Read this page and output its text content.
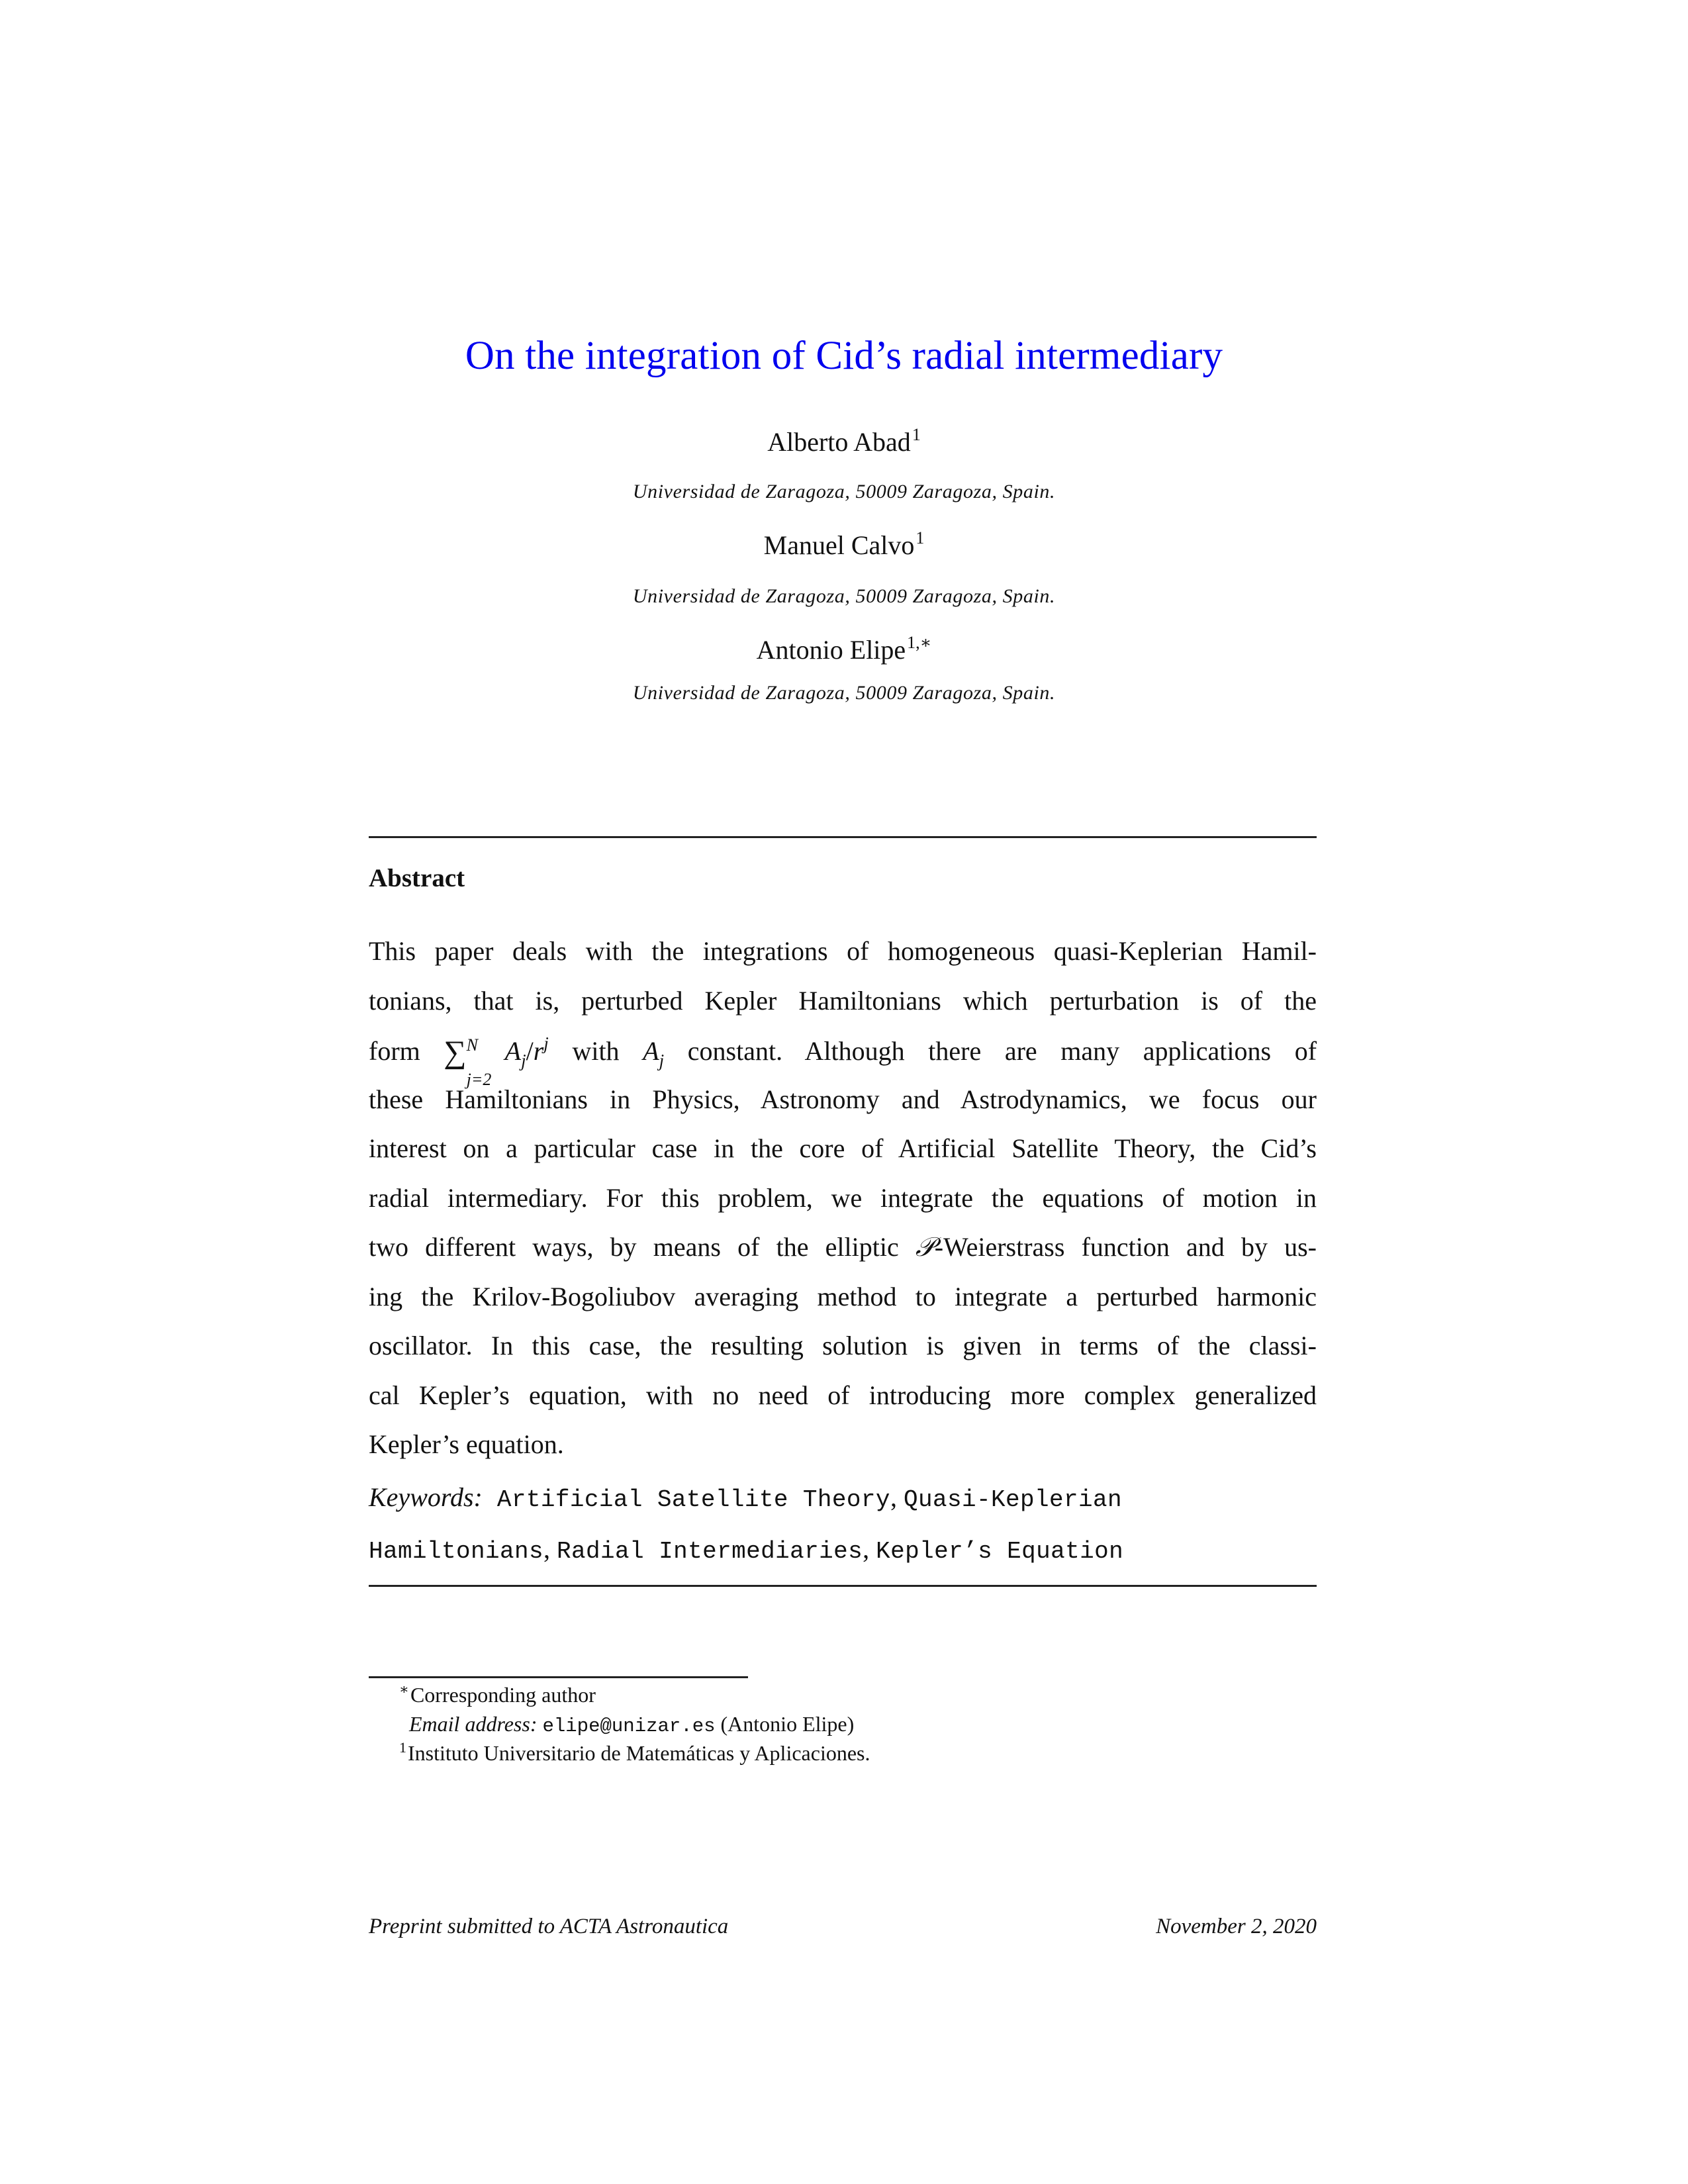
On the integration of Cid’s radial intermediary
Alberto Abad$^1$
Universidad de Zaragoza, 50009 Zaragoza, Spain.
Manuel Calvo$^1$
Universidad de Zaragoza, 50009 Zaragoza, Spain.
Antonio Elipe$^{1,∗}$
Universidad de Zaragoza, 50009 Zaragoza, Spain.
Abstract
This paper deals with the integrations of homogeneous quasi-Keplerian Hamil-
tonians, that is, perturbed Kepler Hamiltonians which perturbation is of the
form ∑ N
j=2
$A_j/r^j$ with $A_j$ constant. Although there are many applications of
these Hamiltonians in Physics, Astronomy and Astrodynamics, we focus our
interest on a particular case in the core of Artificial Satellite Theory, the Cid’s
radial intermediary. For this problem, we integrate the equations of motion in
two different ways, by means of the elliptic 𝒫-Weierstrass function and by us-
ing the Krilov-Bogoliubov averaging method to integrate a perturbed harmonic
oscillator. In this case, the resulting solution is given in terms of the classi-
cal Kepler’s equation, with no need of introducing more complex generalized
Kepler’s equation.
Keywords: Artificial Satellite Theory, Quasi-Keplerian
Hamiltonians, Radial Intermediaries, Kepler’s Equation
∗Corresponding author
Email address: elipe@unizar.es (Antonio Elipe)
$^1$Instituto Universitario de Matemáticas y Aplicaciones.
Preprint submitted to ACTA Astronautica	November 2, 2020
